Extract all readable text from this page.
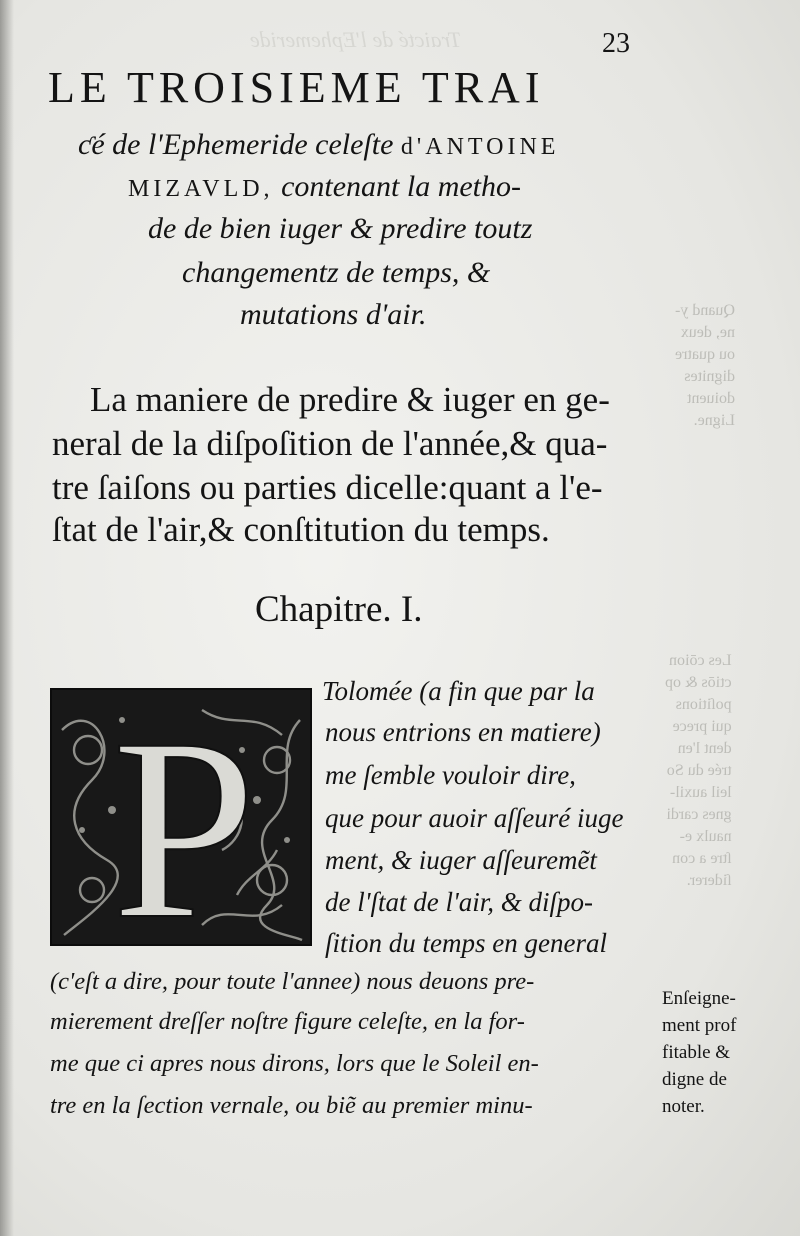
Traicté de l'Ephemeride
Quand y-
ne, deux
ou quatre
dignites
doiuent
Ligne.
Les cōion
ctiōs & op
poſitions
qui prece
dent l'en
trée du So
leil auxil-
gnes cardi
naulx e-
ſtre a con
ſiderer.
23
LE TROISIEME TRAI
ƈé de l'Ephemeride celeſte d'ANTOINE
MIZAVLD, contenant la metho-
de de bien iuger & predire toutz
changementz de temps, &
mutations d'air.
La maniere de predire & iuger en ge-
neral de la diſpoſition de l'année,& qua-
tre ſaiſons ou parties dicelle:quant a l'e-
ſtat de l'air,& conſtitution du temps.
Chapitre. I.
P Tolomée (a fin que par la
nous entrions en matiere)
me ſemble vouloir dire,
que pour auoir aſſeuré iuge
ment, & iuger aſſeuremẽt
de l'ſtat de l'air, & diſpo-
ſition du temps en general
(c'eſt a dire, pour toute l'annee) nous deuons pre-
mierement dreſſer noſtre figure celeſte, en la for-
me que ci apres nous dirons, lors que le Soleil en-
tre en la ſection vernale, ou biẽ au premier minu-
Enſeigne-
ment prof
fitable &
digne de
noter.
